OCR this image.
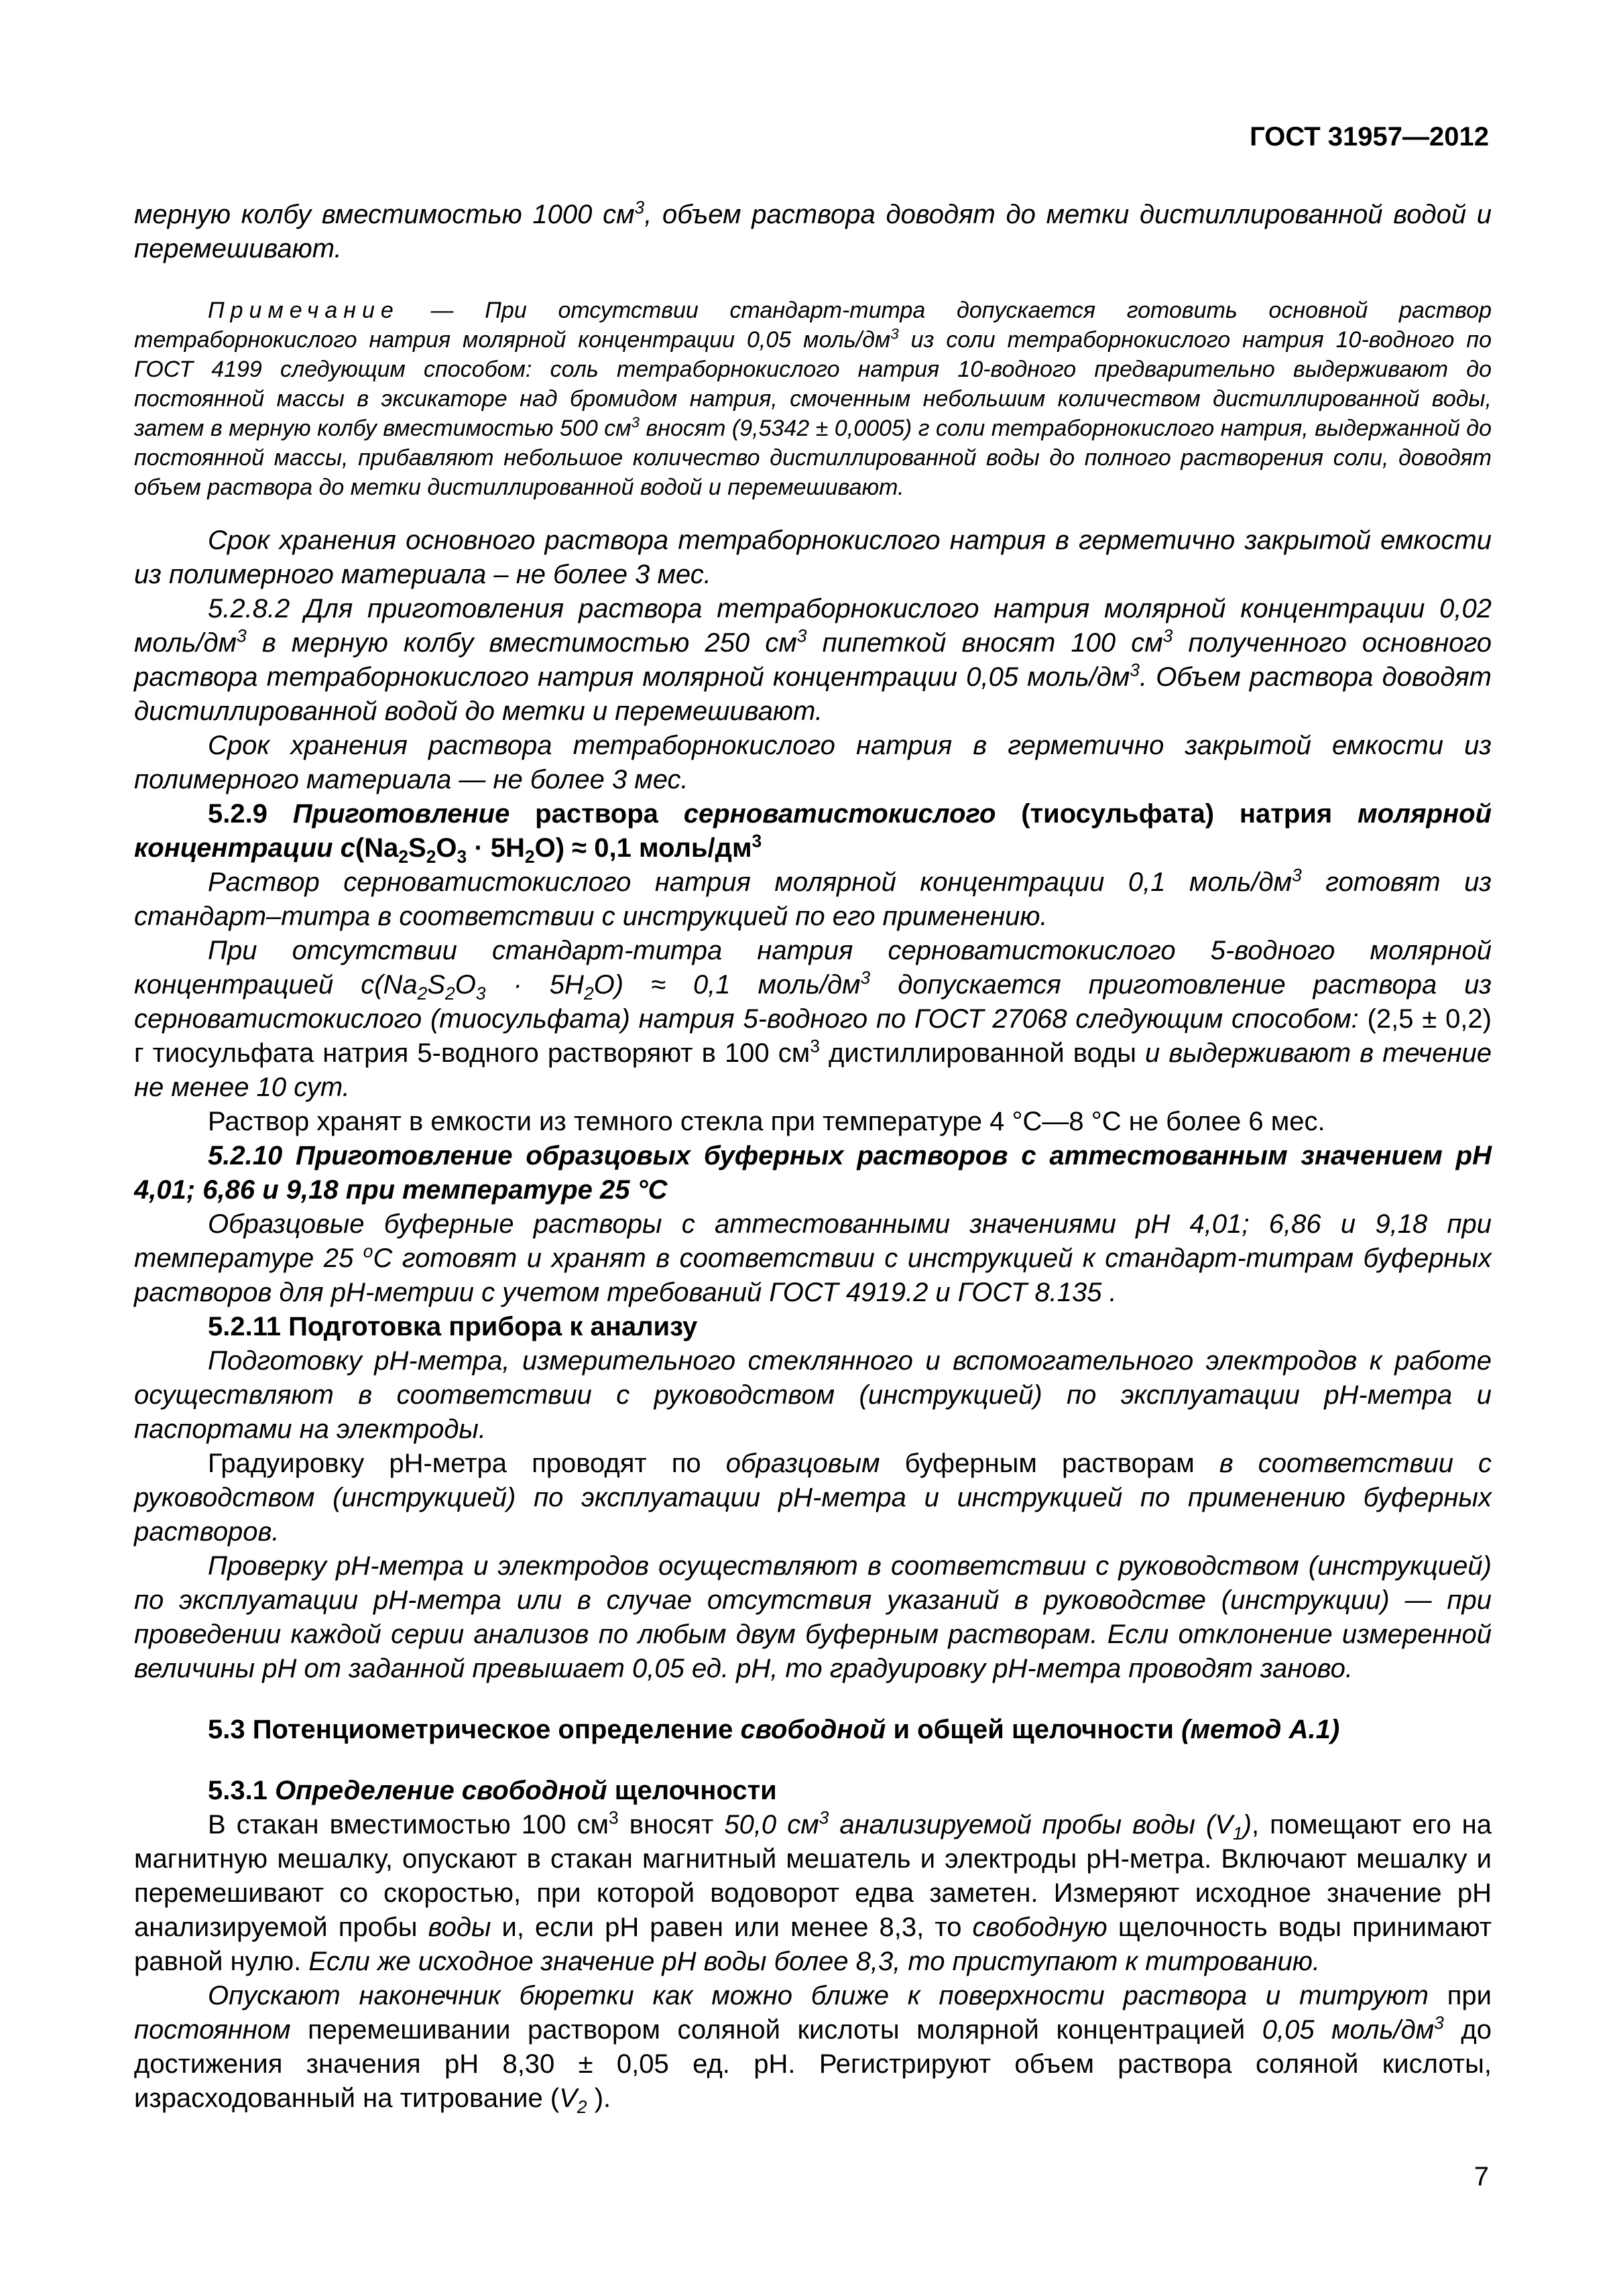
ГОСТ 31957—2012

мерную колбу вместимостью 1000 $см^3$, объем раствора доводят до метки дистиллированной водой и перемешивают.

Примечание — При отсутствии стандарт-титра допускается готовить основной раствор тетраборнокислого натрия молярной концентрации 0,05 моль/$дм^3$ из соли тетраборнокислого натрия 10-водного по ГОСТ 4199 следующим способом: соль тетраборнокислого натрия 10-водного предварительно выдерживают до постоянной массы в эксикаторе над бромидом натрия, смоченным небольшим количеством дистиллированной воды, затем в мерную колбу вместимостью 500 $см^3$ вносят (9,5342 ± 0,0005) г соли тетраборнокислого натрия, выдержанной до постоянной массы, прибавляют небольшое количество дистиллированной воды до полного растворения соли, доводят объем раствора до метки дистиллированной водой и перемешивают.

Срок хранения основного раствора тетраборнокислого натрия в герметично закрытой емкости из полимерного материала – не более 3 мес.

5.2.8.2 Для приготовления раствора тетраборнокислого натрия молярной концентрации 0,02 моль/$дм^3$ в мерную колбу вместимостью 250 $см^3$ пипеткой вносят 100 $см^3$ полученного основного раствора тетраборнокислого натрия молярной концентрации 0,05 моль/$дм^3$. Объем раствора доводят дистиллированной водой до метки и перемешивают.

Срок хранения раствора тетраборнокислого натрия в герметично закрытой емкости из полимерного материала — не более 3 мес.

5.2.9 Приготовление раствора серноватистокислого (тиосульфата) натрия молярной концентрации $с(Na_2S_2O_3 \cdot 5H_2O) \approx 0,1$ моль/$дм^3$

Раствор серноватистокислого натрия молярной концентрации 0,1 моль/$дм^3$ готовят из стандарт–титра в соответствии с инструкцией по его применению.

При отсутствии стандарт-титра натрия серноватистокислого 5-водного молярной концентрацией $с(Na_2S_2O_3 \cdot 5H_2O) \approx 0,1$ моль/$дм^3$ допускается приготовление раствора из серноватистокислого (тиосульфата) натрия 5-водного по ГОСТ 27068 следующим способом: (2,5 ± 0,2) г тиосульфата натрия 5-водного растворяют в 100 $см^3$ дистиллированной воды и выдерживают в течение не менее 10 сут.

Раствор хранят в емкости из темного стекла при температуре 4 °С—8 °С не более 6 мес.

5.2.10 Приготовление образцовых буферных растворов с аттестованным значением рН 4,01; 6,86 и 9,18 при температуре 25 °С

Образцовые буферные растворы с аттестованными значениями рН 4,01; 6,86 и 9,18 при температуре 25 $^о$С готовят и хранят в соответствии с инструкцией к стандарт-титрам буферных растворов для рН-метрии с учетом требований ГОСТ 4919.2 и ГОСТ 8.135 .

5.2.11 Подготовка прибора к анализу

Подготовку рН-метра, измерительного стеклянного и вспомогательного электродов к работе осуществляют в соответствии с руководством (инструкцией) по эксплуатации рН-метра и паспортами на электроды.

Градуировку рН-метра проводят по образцовым буферным растворам в соответствии с руководством (инструкцией) по эксплуатации рН-метра и инструкцией по применению буферных растворов.

Проверку рН-метра и электродов осуществляют в соответствии с руководством (инструкцией) по эксплуатации рН-метра или в случае отсутствия указаний в руководстве (инструкции) — при проведении каждой серии анализов по любым двум буферным растворам. Если отклонение измеренной величины рН от заданной превышает 0,05 ед. рН, то градуировку рН-метра проводят заново.

5.3 Потенциометрическое определение свободной и общей щелочности (метод А.1)

5.3.1 Определение свободной щелочности

В стакан вместимостью 100 $см^3$ вносят 50,0 $см^3$ анализируемой пробы воды $(V_1)$, помещают его на магнитную мешалку, опускают в стакан магнитный мешатель и электроды рН-метра. Включают мешалку и перемешивают со скоростью, при которой водоворот едва заметен. Измеряют исходное значение рН анализируемой пробы воды и, если рН равен или менее 8,3, то свободную щелочность воды принимают равной нулю. Если же исходное значение рН воды более 8,3, то приступают к титрованию.

Опускают наконечник бюретки как можно ближе к поверхности раствора и титруют при постоянном перемешивании раствором соляной кислоты молярной концентрацией 0,05 моль/$дм^3$ до достижения значения рН 8,30 ± 0,05 ед. рН. Регистрируют объем раствора соляной кислоты, израсходованный на титрование ($V_2$ ).

7
